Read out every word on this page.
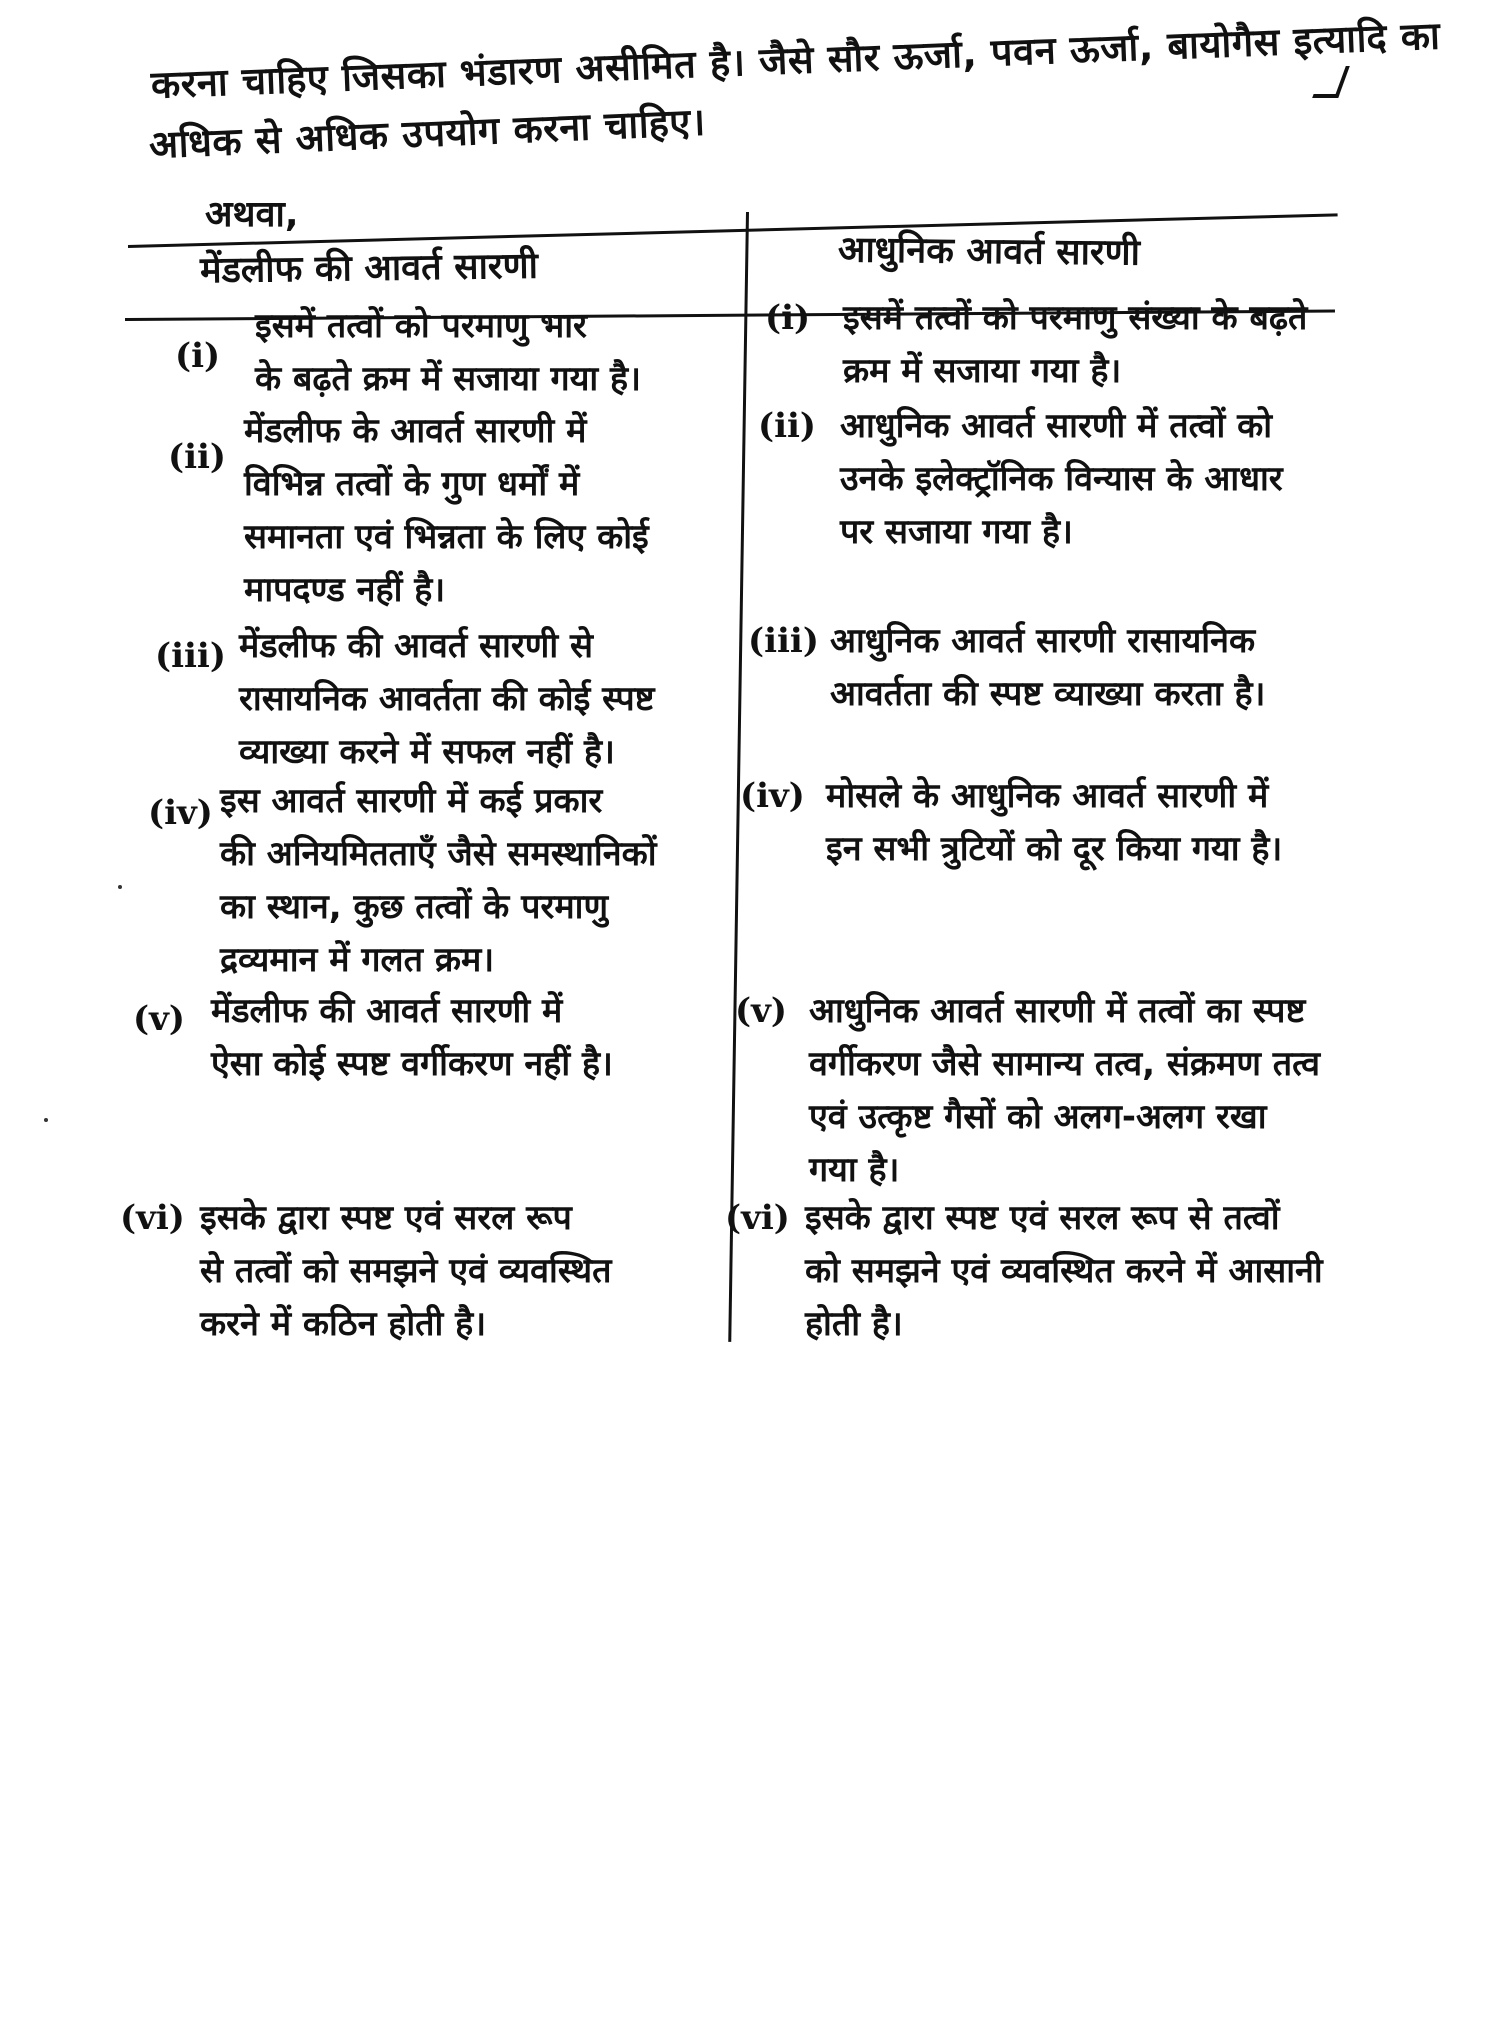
करना चाहिए जिसका भंडारण असीमित है। जैसे सौर ऊर्जा, पवन ऊर्जा, बायोगैस इत्यादि का
अधिक से अधिक उपयोग करना चाहिए।
अथवा,
मेंडलीफ की आवर्त सारणी	आधुनिक आवर्त सारणी
(i)
इसमें तत्वों को परमाणु भार
के बढ़ते क्रम में सजाया गया है।
(ii)
मेंडलीफ के आवर्त सारणी में
विभिन्न तत्वों के गुण धर्मों में
समानता एवं भिन्नता के लिए कोई
मापदण्ड नहीं है।
(iii) मेंडलीफ की आवर्त सारणी से
रासायनिक आवर्तता की कोई स्पष्ट
व्याख्या करने में सफल नहीं है।
(iv) इस आवर्त सारणी में कई प्रकार
की अनियमितताएँ जैसे समस्थानिकों
का स्थान, कुछ तत्वों के परमाणु
द्रव्यमान में गलत क्रम।
(v) मेंडलीफ की आवर्त सारणी में
ऐसा कोई स्पष्ट वर्गीकरण नहीं है।
(vi) इसके द्वारा स्पष्ट एवं सरल रूप
से तत्वों को समझने एवं व्यवस्थित
करने में कठिन होती है।
(i) इसमें तत्वों को परमाणु संख्या के बढ़ते
क्रम में सजाया गया है।
(ii) आधुनिक आवर्त सारणी में तत्वों को
उनके इलेक्ट्रॉनिक विन्यास के आधार
पर सजाया गया है।
(iii) आधुनिक आवर्त सारणी रासायनिक
आवर्तता की स्पष्ट व्याख्या करता है।
(iv) मोसले के आधुनिक आवर्त सारणी में
इन सभी त्रुटियों को दूर किया गया है।
(v) आधुनिक आवर्त सारणी में तत्वों का स्पष्ट
वर्गीकरण जैसे सामान्य तत्व, संक्रमण तत्व
एवं उत्कृष्ट गैसों को अलग-अलग रखा
गया है।
(vi) इसके द्वारा स्पष्ट एवं सरल रूप से तत्वों
को समझने एवं व्यवस्थित करने में आसानी
होती है।
